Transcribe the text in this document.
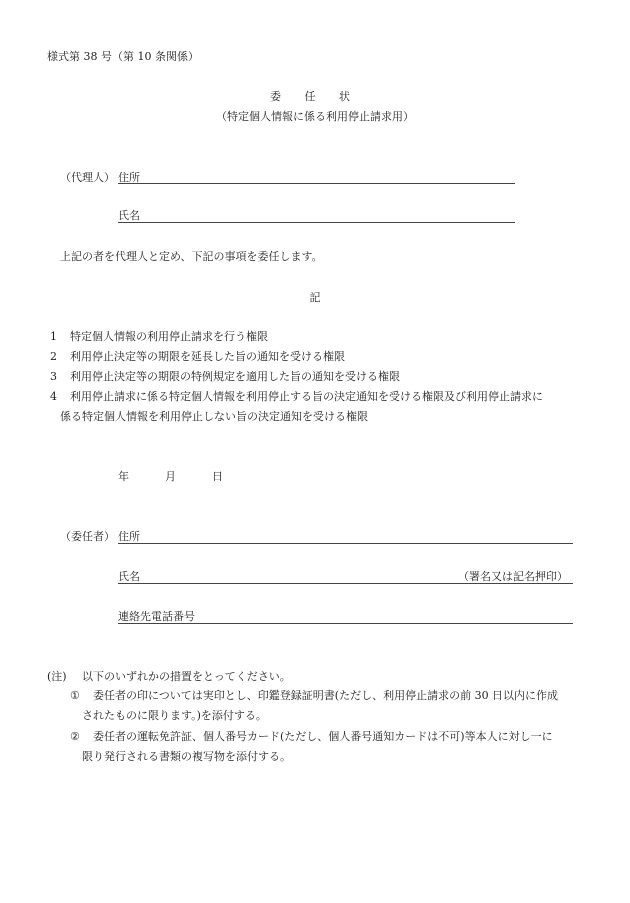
様式第 38 号（第 10 条関係）
委 任 状
（特定個人情報に係る利用停止請求用）
（代理人） 住所
氏名
上記の者を代理人と定め、下記の事項を委任します。
記
1 特定個人情報の利用停止請求を行う権限
2 利用停止決定等の期限を延長した旨の通知を受ける権限
3 利用停止決定等の期限の特例規定を適用した旨の通知を受ける権限
4 利用停止請求に係る特定個人情報を利用停止する旨の決定通知を受ける権限及び利用停止請求に
係る特定個人情報を利用停止しない旨の決定通知を受ける権限
年	月	日
（委任者） 住所
氏名	（署名又は記名押印）
連絡先電話番号
(注) 以下のいずれかの措置をとってください。
① 委任者の印については実印とし、印鑑登録証明書(ただし、利用停止請求の前 30 日以内に作成
されたものに限ります。)を添付する。
② 委任者の運転免許証、個人番号カード(ただし、個人番号通知カードは不可)等本人に対し一に
限り発行される書類の複写物を添付する。
